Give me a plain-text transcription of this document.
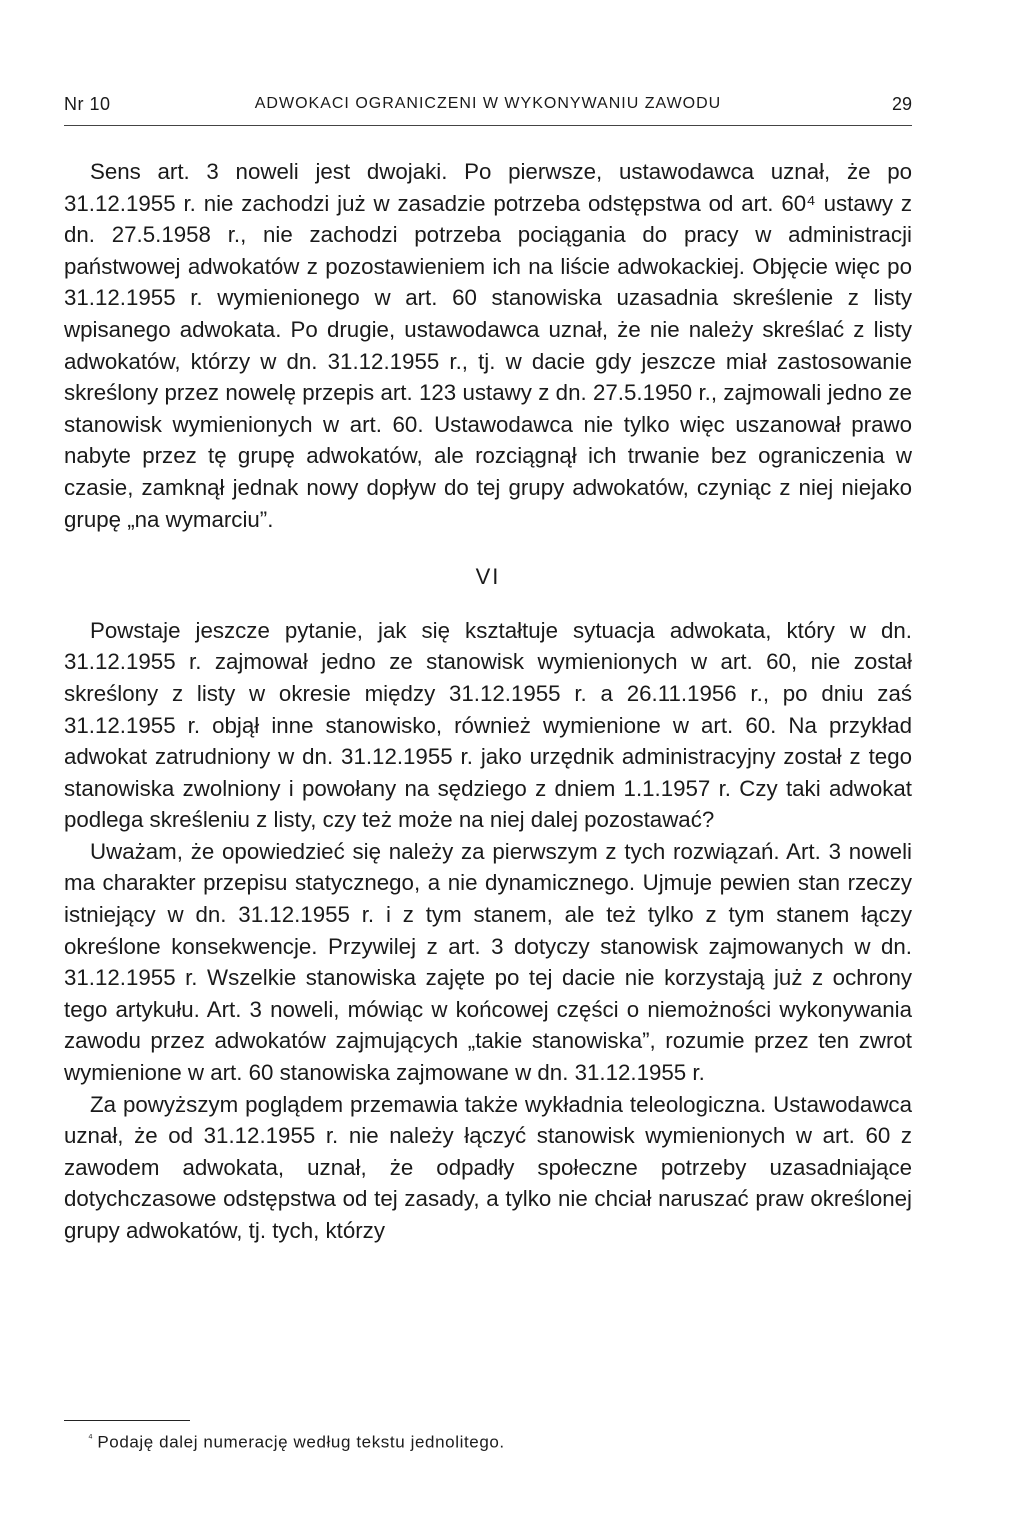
Nr 10	ADWOKACI OGRANICZENI W WYKONYWANIU ZAWODU	29

Sens art. 3 noweli jest dwojaki. Po pierwsze, ustawodawca uznał, że po 31.12.1955 r. nie zachodzi już w zasadzie potrzeba odstępstwa od art. 60⁴ ustawy z dn. 27.5.1958 r., nie zachodzi potrzeba pociągania do pracy w administracji państwowej adwokatów z pozostawieniem ich na liście adwokackiej. Objęcie więc po 31.12.1955 r. wymienionego w art. 60 stanowiska uzasadnia skreślenie z listy wpisanego adwokata. Po drugie, ustawodawca uznał, że nie należy skreślać z listy adwokatów, którzy w dn. 31.12.1955 r., tj. w dacie gdy jeszcze miał zastosowanie skreślony przez nowelę przepis art. 123 ustawy z dn. 27.5.1950 r., zajmowali jedno ze stanowisk wymienionych w art. 60. Ustawodawca nie tylko więc uszanował prawo nabyte przez tę grupę adwokatów, ale rozciągnął ich trwanie bez ograniczenia w czasie, zamknął jednak nowy dopływ do tej grupy adwokatów, czyniąc z niej niejako grupę „na wymarciu”.

VI

Powstaje jeszcze pytanie, jak się kształtuje sytuacja adwokata, który w dn. 31.12.1955 r. zajmował jedno ze stanowisk wymienionych w art. 60, nie został skreślony z listy w okresie między 31.12.1955 r. a 26.11.1956 r., po dniu zaś 31.12.1955 r. objął inne stanowisko, również wymienione w art. 60. Na przykład adwokat zatrudniony w dn. 31.12.1955 r. jako urzędnik administracyjny został z tego stanowiska zwolniony i powołany na sędziego z dniem 1.1.1957 r. Czy taki adwokat podlega skreśleniu z listy, czy też może na niej dalej pozostawać?

Uważam, że opowiedzieć się należy za pierwszym z tych rozwiązań. Art. 3 noweli ma charakter przepisu statycznego, a nie dynamicznego. Ujmuje pewien stan rzeczy istniejący w dn. 31.12.1955 r. i z tym stanem, ale też tylko z tym stanem łączy określone konsekwencje. Przywilej z art. 3 dotyczy stanowisk zajmowanych w dn. 31.12.1955 r. Wszelkie stanowiska zajęte po tej dacie nie korzystają już z ochrony tego artykułu. Art. 3 noweli, mówiąc w końcowej części o niemożności wykonywania zawodu przez adwokatów zajmujących „takie stanowiska”, rozumie przez ten zwrot wymienione w art. 60 stanowiska zajmowane w dn. 31.12.1955 r.

Za powyższym poglądem przemawia także wykładnia teleologiczna. Ustawodawca uznał, że od 31.12.1955 r. nie należy łączyć stanowisk wymienionych w art. 60 z zawodem adwokata, uznał, że odpadły społeczne potrzeby uzasadniające dotychczasowe odstępstwa od tej zasady, a tylko nie chciał naruszać praw określonej grupy adwokatów, tj. tych, którzy

$^{^4}$ Podaję dalej numerację według tekstu jednolitego.
